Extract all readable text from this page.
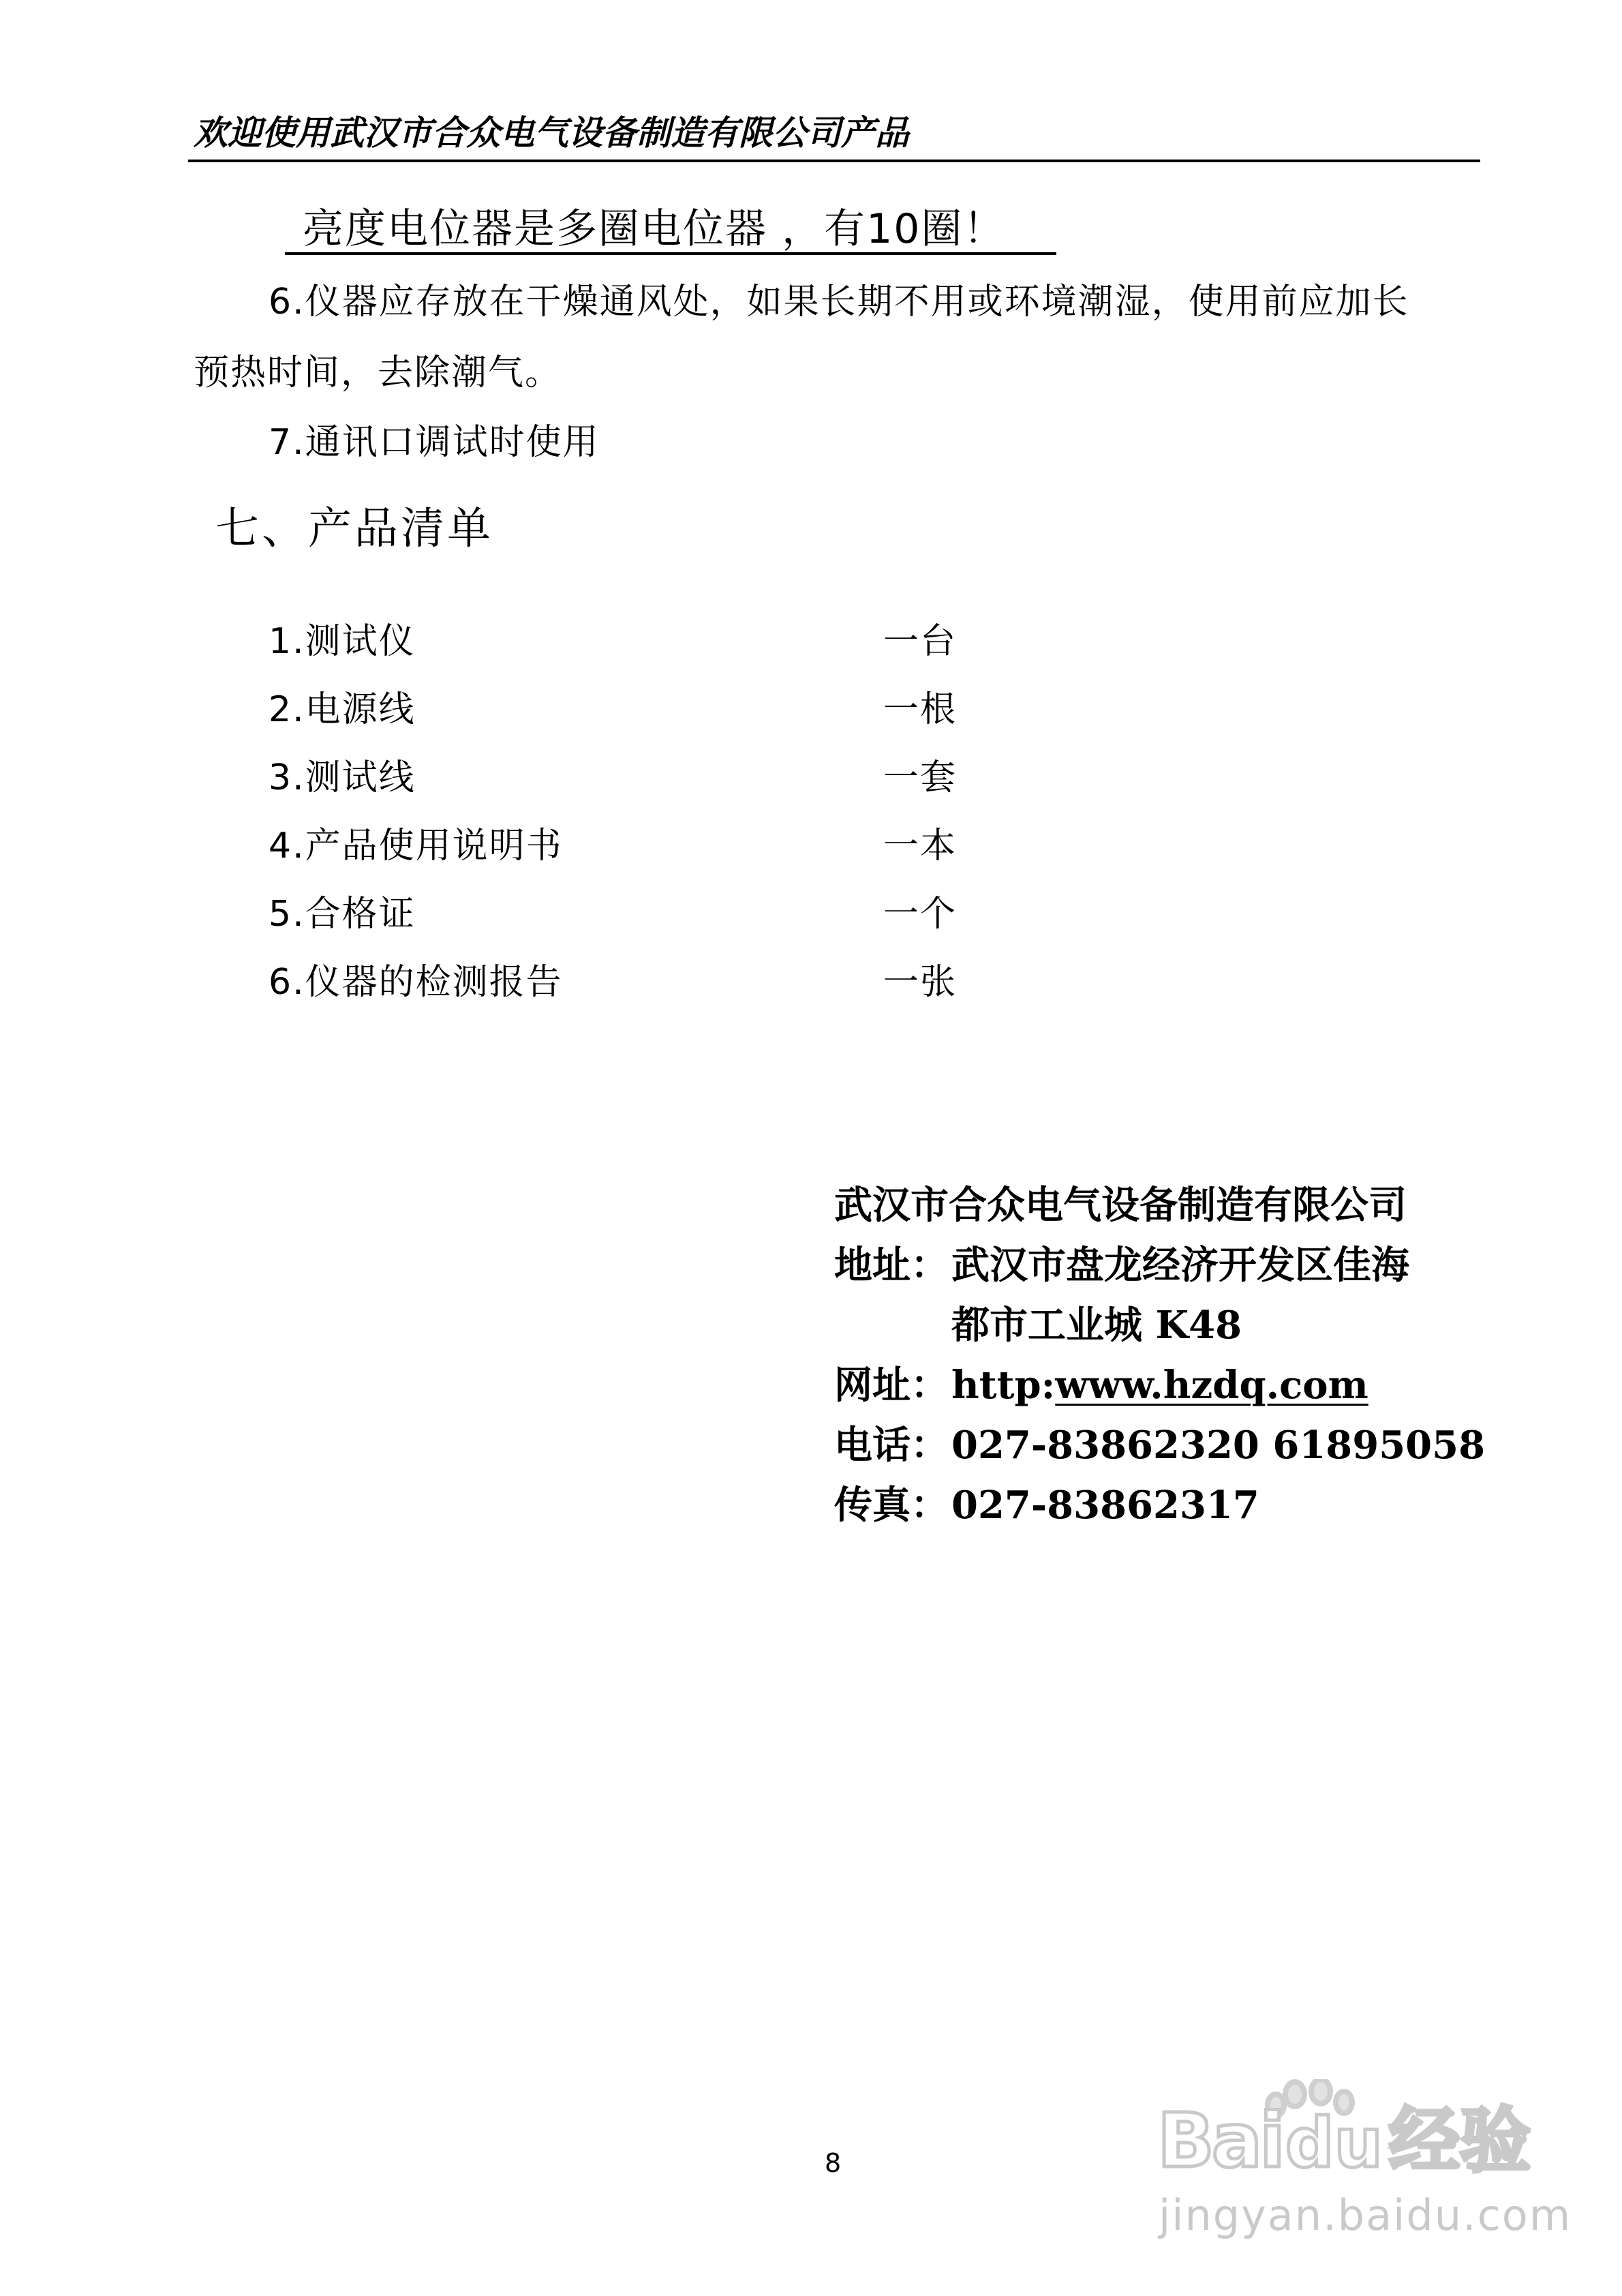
欢迎使用武汉市合众电气设备制造有限公司产品
亮度电位器是多圈电位器 ，有10圈！
6.仪器应存放在干燥通风处，如果长期不用或环境潮湿，使用前应加长
预热时间，去除潮气。
7.通讯口调试时使用
七、产品清单
1.测试仪	一台
2.电源线	一根
3.测试线	一套
4.产品使用说明书	一本
5.合格证	一个
6.仪器的检测报告	一张
武汉市合众电气设备制造有限公司
地址： 武汉市盘龙经济开发区佳海
都市工业城 K48
网址： http:www.hzdq.com
电话： 027-83862320 61895058
传真： 027-83862317
8	Bai du 经验
jingyan.baidu.com
